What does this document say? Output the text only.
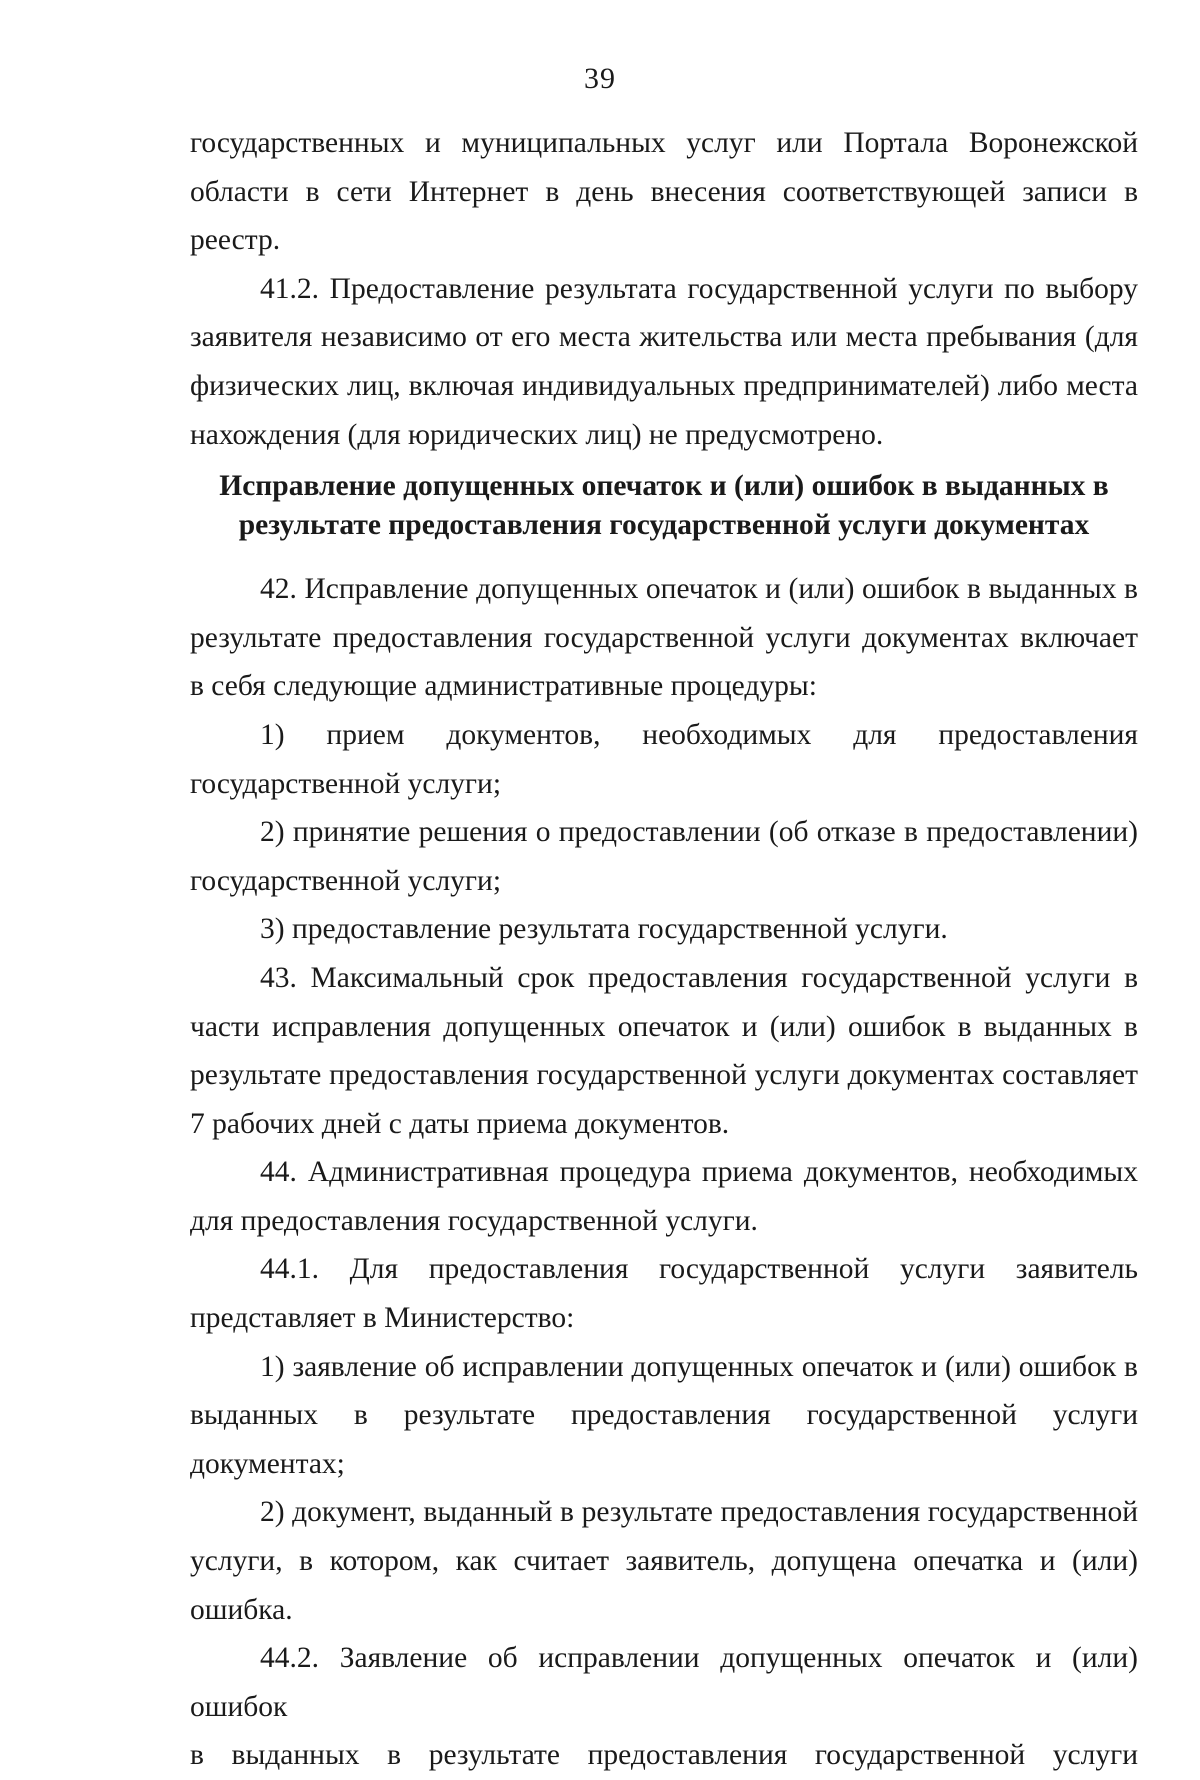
39

государственных и муниципальных услуг или Портала Воронежской области в сети Интернет в день внесения соответствующей записи в реестр.

41.2. Предоставление результата государственной услуги по выбору заявителя независимо от его места жительства или места пребывания (для физических лиц, включая индивидуальных предпринимателей) либо места нахождения (для юридических лиц) не предусмотрено.

Исправление допущенных опечаток и (или) ошибок в выданных в
результате предоставления государственной услуги документах

42. Исправление допущенных опечаток и (или) ошибок в выданных в результате предоставления государственной услуги документах включает в себя следующие административные процедуры:

1) прием документов, необходимых для предоставления государственной услуги;

2) принятие решения о предоставлении (об отказе в предоставлении) государственной услуги;

3) предоставление результата государственной услуги.

43. Максимальный срок предоставления государственной услуги в части исправления допущенных опечаток и (или) ошибок в выданных в результате предоставления государственной услуги документах составляет 7 рабочих дней с даты приема документов.

44. Административная процедура приема документов, необходимых для предоставления государственной услуги.

44.1. Для предоставления государственной услуги заявитель представляет в Министерство:

1) заявление об исправлении допущенных опечаток и (или) ошибок в выданных в результате предоставления государственной услуги документах;

2) документ, выданный в результате предоставления государственной услуги, в котором, как считает заявитель, допущена опечатка и (или) ошибка.

44.2. Заявление об исправлении допущенных опечаток и (или) ошибок

в выданных в результате предоставления государственной услуги
